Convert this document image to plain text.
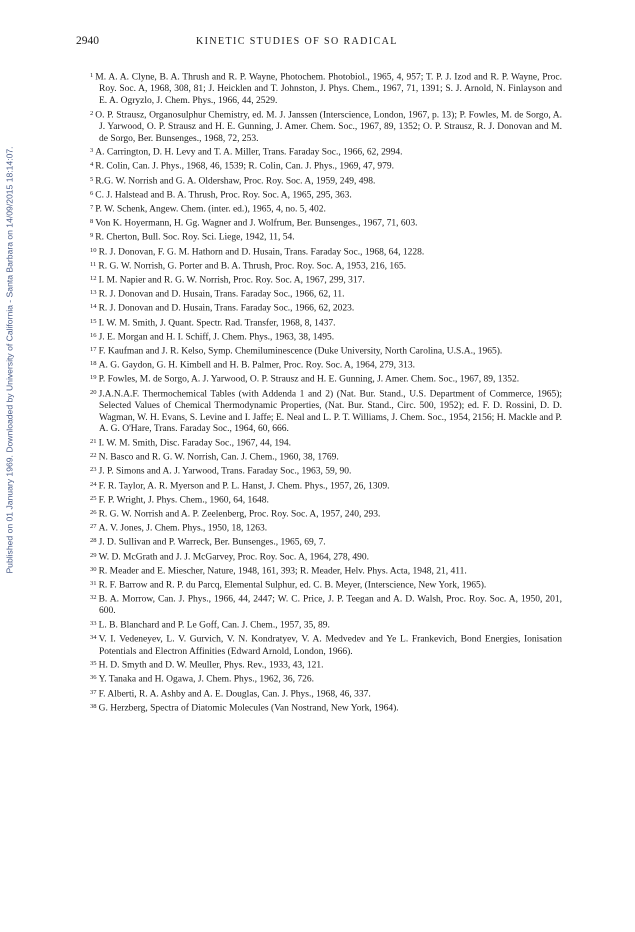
Published on 01 January 1969. Downloaded by University of California - Santa Barbara on 14/09/2015 18:14:07.
2940	KINETIC STUDIES OF SO RADICAL
$^1$ M. A. A. Clyne, B. A. Thrush and R. P. Wayne, Photochem. Photobiol., 1965, 4, 957; T. P. J. Izod and R. P. Wayne, Proc. Roy. Soc. A, 1968, 308, 81; J. Heicklen and T. Johnston, J. Phys. Chem., 1967, 71, 1391; S. J. Arnold, N. Finlayson and E. A. Ogryzlo, J. Chem. Phys., 1966, 44, 2529.
$^2$ O. P. Strausz, Organosulphur Chemistry, ed. M. J. Janssen (Interscience, London, 1967, p. 13); P. Fowles, M. de Sorgo, A. J. Yarwood, O. P. Strausz and H. E. Gunning, J. Amer. Chem. Soc., 1967, 89, 1352; O. P. Strausz, R. J. Donovan and M. de Sorgo, Ber. Bunsenges., 1968, 72, 253.
$^3$ A. Carrington, D. H. Levy and T. A. Miller, Trans. Faraday Soc., 1966, 62, 2994.
$^4$ R. Colin, Can. J. Phys., 1968, 46, 1539; R. Colin, Can. J. Phys., 1969, 47, 979.
$^5$ R.G. W. Norrish and G. A. Oldershaw, Proc. Roy. Soc. A, 1959, 249, 498.
$^6$ C. J. Halstead and B. A. Thrush, Proc. Roy. Soc. A, 1965, 295, 363.
$^7$ P. W. Schenk, Angew. Chem. (inter. ed.), 1965, 4, no. 5, 402.
$^8$ Von K. Hoyermann, H. Gg. Wagner and J. Wolfrum, Ber. Bunsenges., 1967, 71, 603.
$^9$ R. Cherton, Bull. Soc. Roy. Sci. Liege, 1942, 11, 54.
$^{10}$ R. J. Donovan, F. G. M. Hathorn and D. Husain, Trans. Faraday Soc., 1968, 64, 1228.
$^{11}$ R. G. W. Norrish, G. Porter and B. A. Thrush, Proc. Roy. Soc. A, 1953, 216, 165.
$^{12}$ I. M. Napier and R. G. W. Norrish, Proc. Roy. Soc. A, 1967, 299, 317.
$^{13}$ R. J. Donovan and D. Husain, Trans. Faraday Soc., 1966, 62, 11.
$^{14}$ R. J. Donovan and D. Husain, Trans. Faraday Soc., 1966, 62, 2023.
$^{15}$ I. W. M. Smith, J. Quant. Spectr. Rad. Transfer, 1968, 8, 1437.
$^{16}$ J. E. Morgan and H. I. Schiff, J. Chem. Phys., 1963, 38, 1495.
$^{17}$ F. Kaufman and J. R. Kelso, Symp. Chemiluminescence (Duke University, North Carolina, U.S.A., 1965).
$^{18}$ A. G. Gaydon, G. H. Kimbell and H. B. Palmer, Proc. Roy. Soc. A, 1964, 279, 313.
$^{19}$ P. Fowles, M. de Sorgo, A. J. Yarwood, O. P. Strausz and H. E. Gunning, J. Amer. Chem. Soc., 1967, 89, 1352.
$^{20}$ J.A.N.A.F. Thermochemical Tables (with Addenda 1 and 2) (Nat. Bur. Stand., U.S. Department of Commerce, 1965); Selected Values of Chemical Thermodynamic Properties, (Nat. Bur. Stand., Circ. 500, 1952); ed. F. D. Rossini, D. D. Wagman, W. H. Evans, S. Levine and I. Jaffe; E. Neal and L. P. T. Williams, J. Chem. Soc., 1954, 2156; H. Mackle and P. A. G. O'Hare, Trans. Faraday Soc., 1964, 60, 666.
$^{21}$ I. W. M. Smith, Disc. Faraday Soc., 1967, 44, 194.
$^{22}$ N. Basco and R. G. W. Norrish, Can. J. Chem., 1960, 38, 1769.
$^{23}$ J. P. Simons and A. J. Yarwood, Trans. Faraday Soc., 1963, 59, 90.
$^{24}$ F. R. Taylor, A. R. Myerson and P. L. Hanst, J. Chem. Phys., 1957, 26, 1309.
$^{25}$ F. P. Wright, J. Phys. Chem., 1960, 64, 1648.
$^{26}$ R. G. W. Norrish and A. P. Zeelenberg, Proc. Roy. Soc. A, 1957, 240, 293.
$^{27}$ A. V. Jones, J. Chem. Phys., 1950, 18, 1263.
$^{28}$ J. D. Sullivan and P. Warreck, Ber. Bunsenges., 1965, 69, 7.
$^{29}$ W. D. McGrath and J. J. McGarvey, Proc. Roy. Soc. A, 1964, 278, 490.
$^{30}$ R. Meader and E. Miescher, Nature, 1948, 161, 393; R. Meader, Helv. Phys. Acta, 1948, 21, 411.
$^{31}$ R. F. Barrow and R. P. du Parcq, Elemental Sulphur, ed. C. B. Meyer, (Interscience, New York, 1965).
$^{32}$ B. A. Morrow, Can. J. Phys., 1966, 44, 2447; W. C. Price, J. P. Teegan and A. D. Walsh, Proc. Roy. Soc. A, 1950, 201, 600.
$^{33}$ L. B. Blanchard and P. Le Goff, Can. J. Chem., 1957, 35, 89.
$^{34}$ V. I. Vedeneyev, L. V. Gurvich, V. N. Kondratyev, V. A. Medvedev and Ye L. Frankevich, Bond Energies, Ionisation Potentials and Electron Affinities (Edward Arnold, London, 1966).
$^{35}$ H. D. Smyth and D. W. Meuller, Phys. Rev., 1933, 43, 121.
$^{36}$ Y. Tanaka and H. Ogawa, J. Chem. Phys., 1962, 36, 726.
$^{37}$ F. Alberti, R. A. Ashby and A. E. Douglas, Can. J. Phys., 1968, 46, 337.
$^{38}$ G. Herzberg, Spectra of Diatomic Molecules (Van Nostrand, New York, 1964).
